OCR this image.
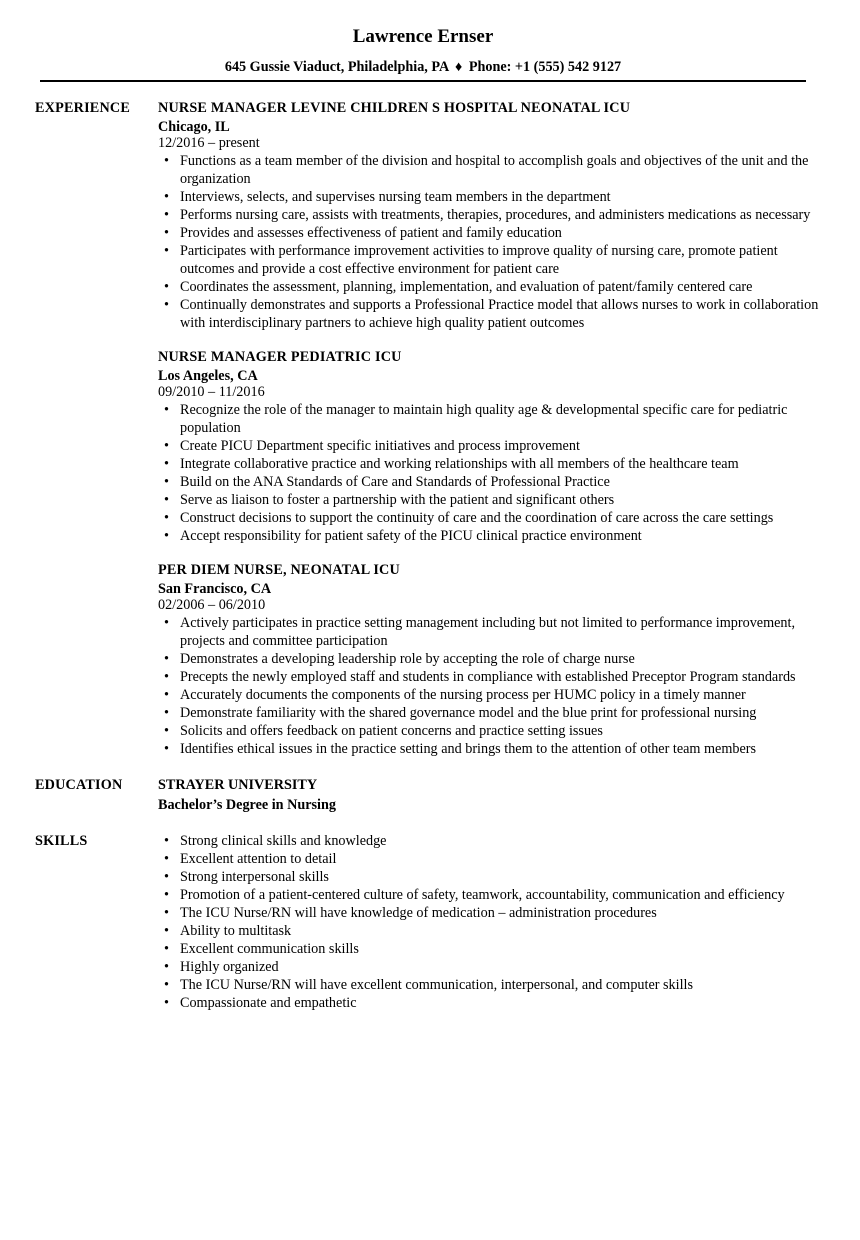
Lawrence Ernser
645 Gussie Viaduct, Philadelphia, PA ♦ Phone: +1 (555) 542 9127
EXPERIENCE	NURSE MANAGER LEVINE CHILDREN S HOSPITAL NEONATAL ICU
Chicago, IL
12/2016 – present
• Functions as a team member of the division and hospital to accomplish goals and objectives of the unit and the organization
• Interviews, selects, and supervises nursing team members in the department
• Performs nursing care, assists with treatments, therapies, procedures, and administers medications as necessary
• Provides and assesses effectiveness of patient and family education
• Participates with performance improvement activities to improve quality of nursing care, promote patient outcomes and provide a cost effective environment for patient care
• Coordinates the assessment, planning, implementation, and evaluation of patent/family centered care
• Continually demonstrates and supports a Professional Practice model that allows nurses to work in collaboration with interdisciplinary partners to achieve high quality patient outcomes
NURSE MANAGER PEDIATRIC ICU
Los Angeles, CA
09/2010 – 11/2016
• Recognize the role of the manager to maintain high quality age & developmental specific care for pediatric population
• Create PICU Department specific initiatives and process improvement
• Integrate collaborative practice and working relationships with all members of the healthcare team
• Build on the ANA Standards of Care and Standards of Professional Practice
• Serve as liaison to foster a partnership with the patient and significant others
• Construct decisions to support the continuity of care and the coordination of care across the care settings
• Accept responsibility for patient safety of the PICU clinical practice environment
PER DIEM NURSE, NEONATAL ICU
San Francisco, CA
02/2006 – 06/2010
• Actively participates in practice setting management including but not limited to performance improvement, projects and committee participation
• Demonstrates a developing leadership role by accepting the role of charge nurse
• Precepts the newly employed staff and students in compliance with established Preceptor Program standards
• Accurately documents the components of the nursing process per HUMC policy in a timely manner
• Demonstrate familiarity with the shared governance model and the blue print for professional nursing
• Solicits and offers feedback on patient concerns and practice setting issues
• Identifies ethical issues in the practice setting and brings them to the attention of other team members
EDUCATION	STRAYER UNIVERSITY
Bachelor’s Degree in Nursing
SKILLS	• Strong clinical skills and knowledge
• Excellent attention to detail
• Strong interpersonal skills
• Promotion of a patient-centered culture of safety, teamwork, accountability, communication and efficiency
• The ICU Nurse/RN will have knowledge of medication – administration procedures
• Ability to multitask
• Excellent communication skills
• Highly organized
• The ICU Nurse/RN will have excellent communication, interpersonal, and computer skills
• Compassionate and empathetic
